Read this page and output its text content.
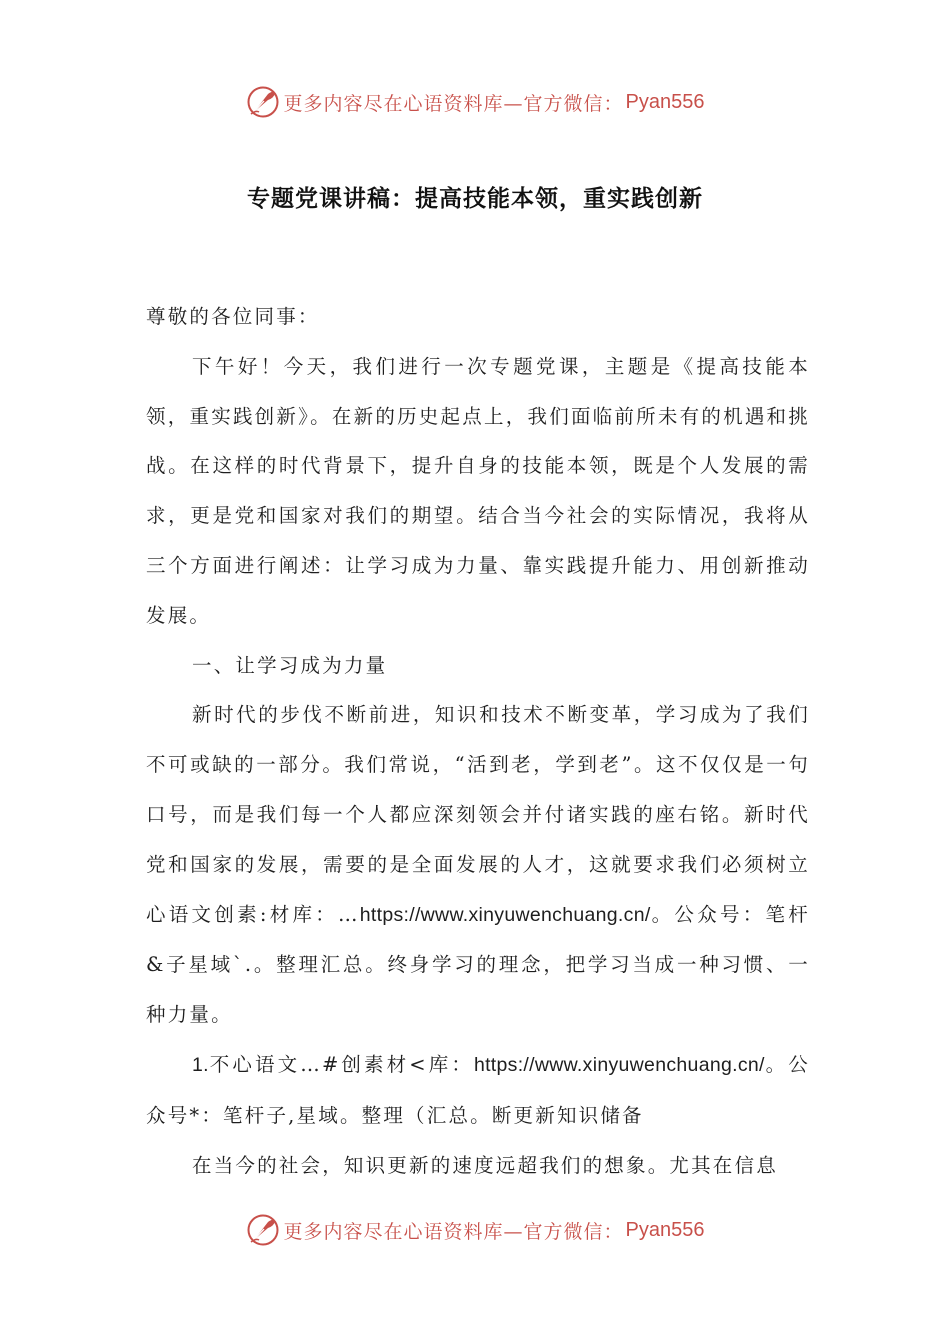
更多内容尽在心语资料库—官方微信： Pyan556
专题党课讲稿：提高技能本领，重实践创新

尊敬的各位同事：

下午好！今天，我们进行一次专题党课，主题是《提高技能本领，重实践创新》。在新的历史起点上，我们面临前所未有的机遇和挑战。在这样的时代背景下，提升自身的技能本领，既是个人发展的需求，更是党和国家对我们的期望。结合当今社会的实际情况，我将从三个方面进行阐述：让学习成为力量、靠实践提升能力、用创新推动发展。

一、让学习成为力量

新时代的步伐不断前进，知识和技术不断变革，学习成为了我们不可或缺的一部分。我们常说，“活到老，学到老”。这不仅仅是一句口号，而是我们每一个人都应深刻领会并付诸实践的座右铭。新时代党和国家的发展，需要的是全面发展的人才，这就要求我们必须树立心语文创素:材库：…https://www.xinyuwenchuang.cn/。公众号：笔杆&子星域`.。整理汇总。终身学习的理念，把学习当成一种习惯、一种力量。

1.不心语文…#创素材<库：https://www.xinyuwenchuang.cn/。公众号*：笔杆子,星域。整理（汇总。断更新知识储备

在当今的社会，知识更新的速度远超我们的想象。尤其在信息

更多内容尽在心语资料库—官方微信： Pyan556
